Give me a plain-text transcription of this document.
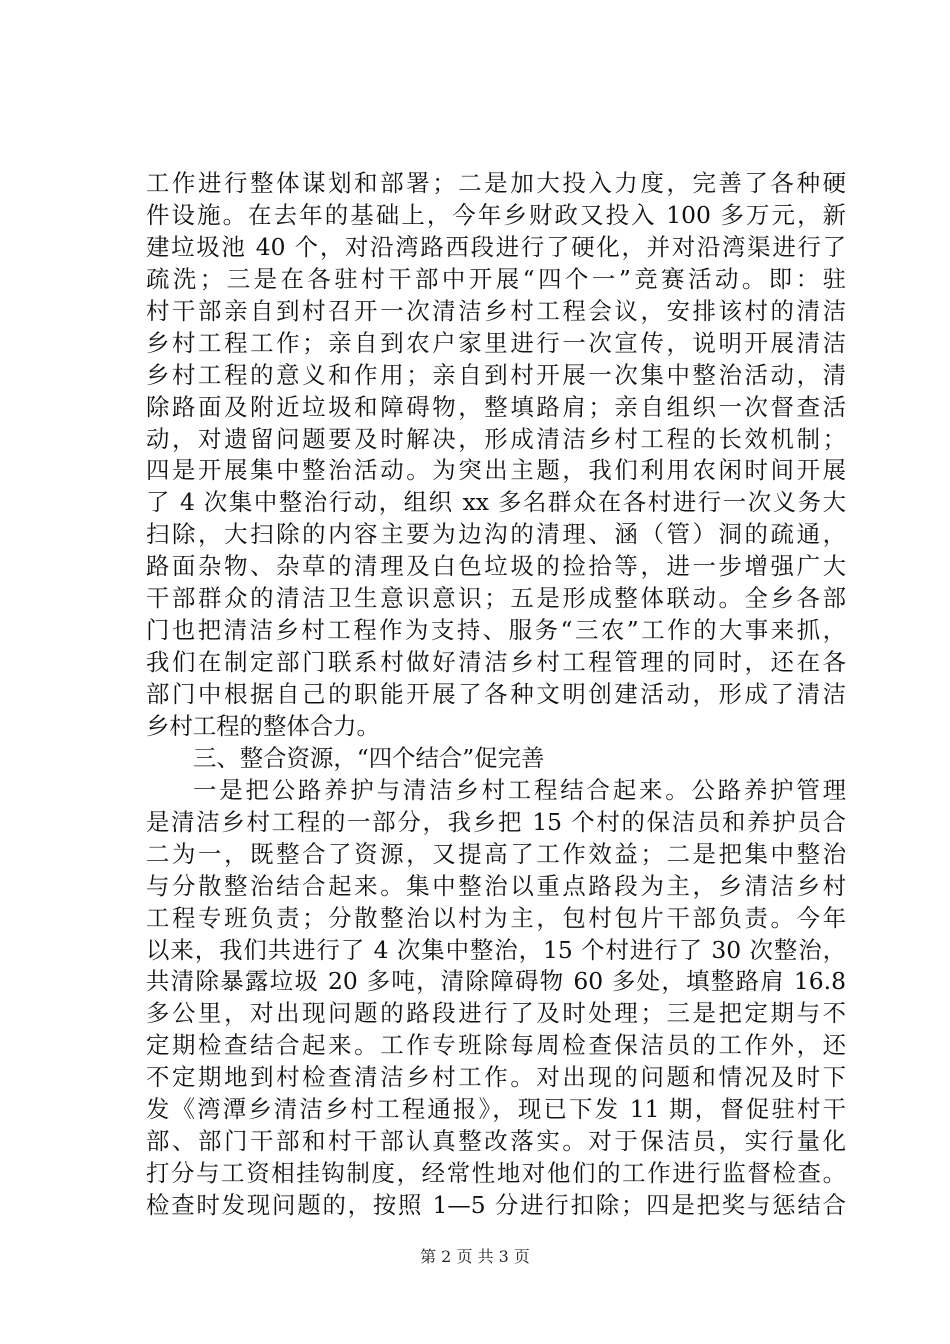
工作进行整体谋划和部署；二是加大投入力度，完善了各种硬
件设施。在去年的基础上，今年乡财政又投入 100 多万元，新
建垃圾池 40 个，对沿湾路西段进行了硬化，并对沿湾渠进行了
疏洗；三是在各驻村干部中开展“四个一”竞赛活动。即：驻
村干部亲自到村召开一次清洁乡村工程会议，安排该村的清洁
乡村工程工作；亲自到农户家里进行一次宣传，说明开展清洁
乡村工程的意义和作用；亲自到村开展一次集中整治活动，清
除路面及附近垃圾和障碍物，整填路肩；亲自组织一次督查活
动，对遗留问题要及时解决，形成清洁乡村工程的长效机制；
四是开展集中整治活动。为突出主题，我们利用农闲时间开展
了 4 次集中整治行动，组织 xx 多名群众在各村进行一次义务大
扫除，大扫除的内容主要为边沟的清理、涵（管）洞的疏通，
路面杂物、杂草的清理及白色垃圾的捡拾等，进一步增强广大
干部群众的清洁卫生意识意识；五是形成整体联动。全乡各部
门也把清洁乡村工程作为支持、服务“三农”工作的大事来抓，
我们在制定部门联系村做好清洁乡村工程管理的同时，还在各
部门中根据自己的职能开展了各种文明创建活动，形成了清洁
乡村工程的整体合力。
三、整合资源，“四个结合”促完善
一是把公路养护与清洁乡村工程结合起来。公路养护管理
是清洁乡村工程的一部分，我乡把 15 个村的保洁员和养护员合
二为一，既整合了资源，又提高了工作效益；二是把集中整治
与分散整治结合起来。集中整治以重点路段为主，乡清洁乡村
工程专班负责；分散整治以村为主，包村包片干部负责。今年
以来，我们共进行了 4 次集中整治，15 个村进行了 30 次整治，
共清除暴露垃圾 20 多吨，清除障碍物 60 多处，填整路肩 16.8
多公里，对出现问题的路段进行了及时处理；三是把定期与不
定期检查结合起来。工作专班除每周检查保洁员的工作外，还
不定期地到村检查清洁乡村工作。对出现的问题和情况及时下
发《湾潭乡清洁乡村工程通报》，现已下发 11 期，督促驻村干
部、部门干部和村干部认真整改落实。对于保洁员，实行量化
打分与工资相挂钩制度，经常性地对他们的工作进行监督检查。
检查时发现问题的，按照 1—5 分进行扣除；四是把奖与惩结合
第 2 页 共 3 页
